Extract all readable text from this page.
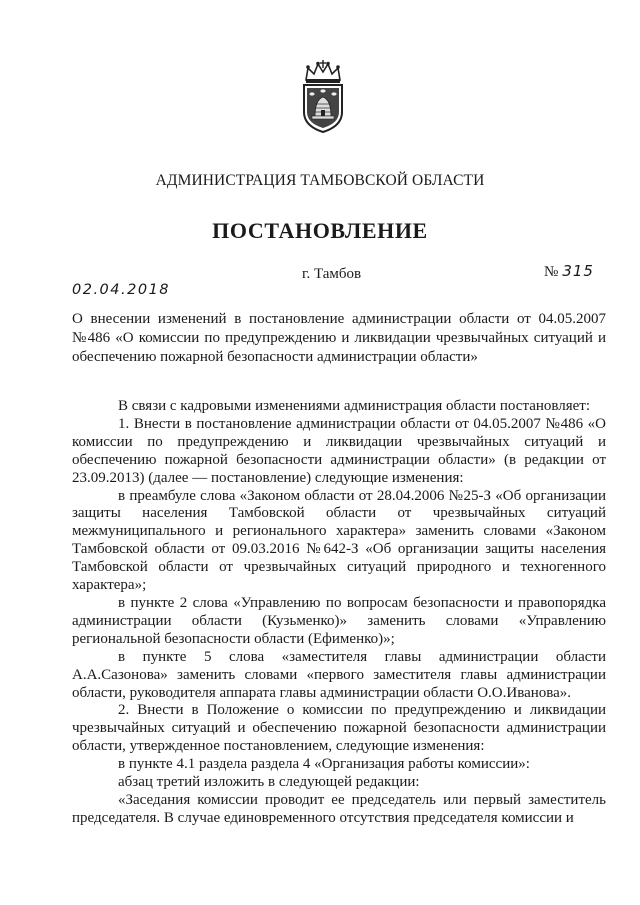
АДМИНИСТРАЦИЯ ТАМБОВСКОЙ ОБЛАСТИ
ПОСТАНОВЛЕНИЕ
г. Тамбов	№ 315
02.04.2018
О внесении изменений в постановление администрации области от 04.05.2007 №486 «О комиссии по предупреждению и ликвидации чрезвычайных ситуаций и обеспечению пожарной безопасности администрации области»

В связи с кадровыми изменениями администрация области постановляет:

1. Внести в постановление администрации области от 04.05.2007 №486 «О комиссии по предупреждению и ликвидации чрезвычайных ситуаций и обеспечению пожарной безопасности администрации области» (в редакции от 23.09.2013) (далее — постановление) следующие изменения:

в преамбуле слова «Законом области от 28.04.2006 №25-З «Об организации защиты населения Тамбовской области от чрезвычайных ситуаций межмуниципального и регионального характера» заменить словами «Законом Тамбовской области от 09.03.2016 №642-З «Об организации защиты населения Тамбовской области от чрезвычайных ситуаций природного и техногенного характера»;

в пункте 2 слова «Управлению по вопросам безопасности и правопорядка администрации области (Кузьменко)» заменить словами «Управлению региональной безопасности области (Ефименко)»;

в пункте 5 слова «заместителя главы администрации области А.А.Сазонова» заменить словами «первого заместителя главы администрации области, руководителя аппарата главы администрации области О.О.Иванова».

2. Внести в Положение о комиссии по предупреждению и ликвидации чрезвычайных ситуаций и обеспечению пожарной безопасности администрации области, утвержденное постановлением, следующие изменения:

в пункте 4.1 раздела раздела 4 «Организация работы комиссии»:

абзац третий изложить в следующей редакции:

«Заседания комиссии проводит ее председатель или первый заместитель председателя. В случае единовременного отсутствия председателя комиссии и
